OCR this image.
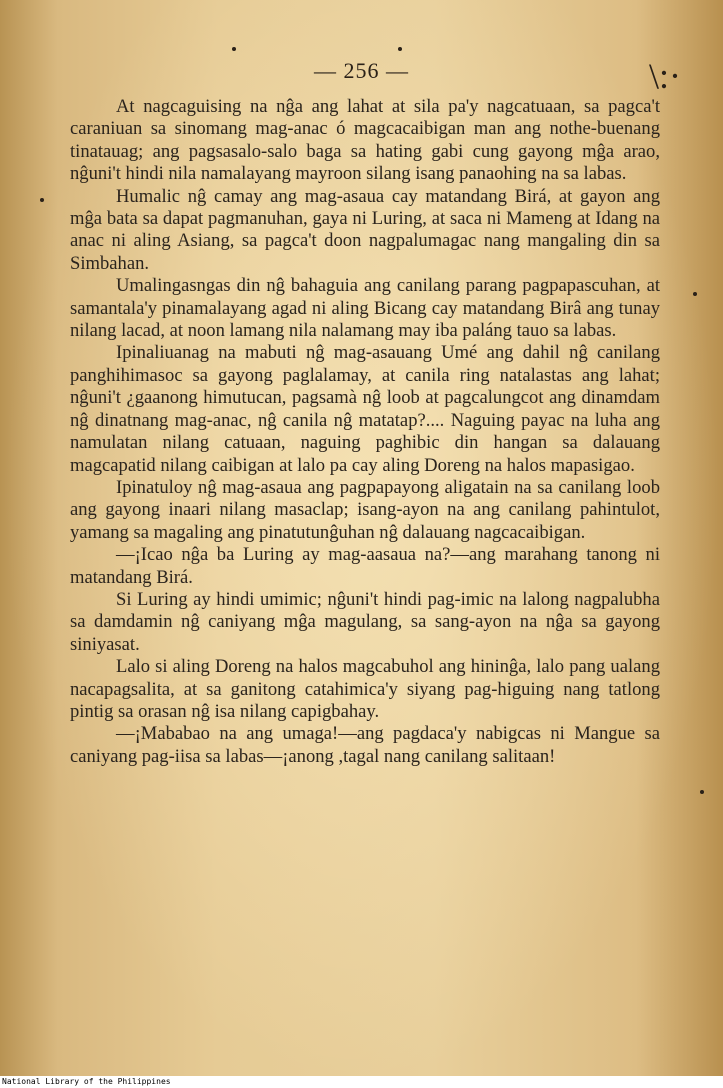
— 256 —	\:·

At nagcaguising na nĝa ang lahat at sila pa'y nagcatuaan, sa pagca't caraniuan sa sinomang mag-anac ó magcacaibigan man ang nothe-buenang tinatauag; ang pagsasalo-salo baga sa hating gabi cung gayong mĝa arao, nĝuni't hindi nila namalayang mayroon silang isang panaohing na sa labas.

Humalic nĝ camay ang mag-asaua cay matandang Birá, at gayon ang mĝa bata sa dapat pagmanuhan, gaya ni Luring, at saca ni Mameng at Idang na anac ni aling Asiang, sa pagca't doon nagpalumagac nang mangaling din sa Simbahan.

Umalingasngas din nĝ bahaguia ang canilang parang pagpapascuhan, at samantala'y pinamalayang agad ni aling Bicang cay matandang Birâ ang tunay nilang lacad, at noon lamang nila nalamang may iba paláng tauo sa labas.

Ipinaliuanag na mabuti nĝ mag-asauang Umé ang dahil nĝ canilang panghihimasoc sa gayong paglalamay, at canila ring natalastas ang lahat; nĝuni't ¿gaanong himutucan, pagsamà nĝ loob at pagcalungcot ang dinamdam nĝ dinatnang mag-anac, nĝ canila nĝ matatap?.... Naguing payac na luha ang namulatan nilang catuaan, naguing paghibic din hangan sa dalauang magcapatid nilang caibigan at lalo pa cay aling Doreng na halos mapasigao.

Ipinatuloy nĝ mag-asaua ang pagpapayong aligatain na sa canilang loob ang gayong inaari nilang masaclap; isang-ayon na ang canilang pahintulot, yamang sa magaling ang pinatutunĝuhan nĝ dalauang nagcacaibigan.

—¡Icao nĝa ba Luring ay mag-aasaua na?—ang marahang tanong ni matandang Birá.

Si Luring ay hindi umimic; nĝuni't hindi pag-imic na lalong nagpalubha sa damdamin nĝ caniyang mĝa magulang, sa sang-ayon na nĝa sa gayong siniyasat.

Lalo si aling Doreng na halos magcabuhol ang hininĝa, lalo pang ualang nacapagsalita, at sa ganitong catahimica'y siyang pag-higuing nang tatlong pintig sa orasan nĝ isa nilang capigbahay.

—¡Mababao na ang umaga!—ang pagdaca'y nabigcas ni Mangue sa caniyang pag-iisa sa labas—¡anong ,tagal nang canilang salitaan!

National Library of the Philippines
